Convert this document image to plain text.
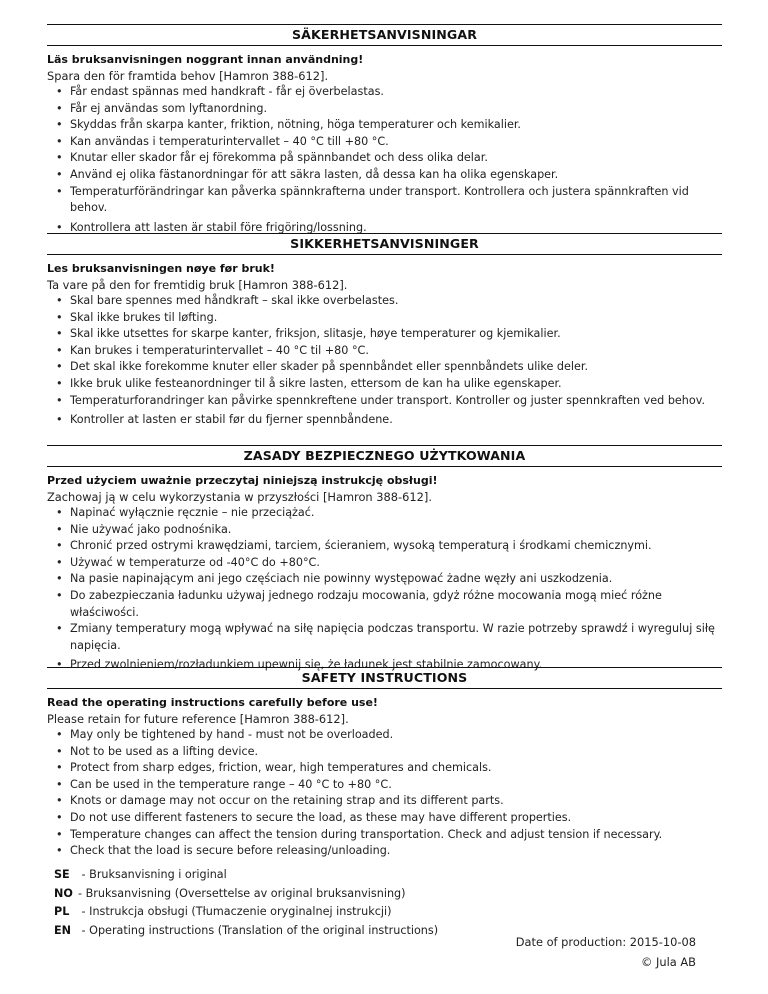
SÄKERHETSANVISNINGAR
Läs bruksanvisningen noggrant innan användning!
Spara den för framtida behov [Hamron 388-612].
• Får endast spännas med handkraft - får ej överbelastas.
• Får ej användas som lyftanordning.
• Skyddas från skarpa kanter, friktion, nötning, höga temperaturer och kemikalier.
• Kan användas i temperaturintervallet – 40 °C till +80 °C.
• Knutar eller skador får ej förekomma på spännbandet och dess olika delar.
• Använd ej olika fästanordningar för att säkra lasten, då dessa kan ha olika egenskaper.
• Temperaturförändringar kan påverka spännkrafterna under transport. Kontrollera och justera spännkraften vid behov.
• Kontrollera att lasten är stabil före frigöring/lossning.
SIKKERHETSANVISNINGER
Les bruksanvisningen nøye før bruk!
Ta vare på den for fremtidig bruk [Hamron 388-612].
• Skal bare spennes med håndkraft – skal ikke overbelastes.
• Skal ikke brukes til løfting.
• Skal ikke utsettes for skarpe kanter, friksjon, slitasje, høye temperaturer og kjemikalier.
• Kan brukes i temperaturintervallet – 40 °C til +80 °C.
• Det skal ikke forekomme knuter eller skader på spennbåndet eller spennbåndets ulike deler.
• Ikke bruk ulike festeanordninger til å sikre lasten, ettersom de kan ha ulike egenskaper.
• Temperaturforandringer kan påvirke spennkreftene under transport. Kontroller og juster spennkraften ved behov.
• Kontroller at lasten er stabil før du fjerner spennbåndene.
ZASADY BEZPIECZNEGO UŻYTKOWANIA
Przed użyciem uważnie przeczytaj niniejszą instrukcję obsługi!
Zachowaj ją w celu wykorzystania w przyszłości [Hamron 388-612].
• Napinać wyłącznie ręcznie – nie przeciążać.
• Nie używać jako podnośnika.
• Chronić przed ostrymi krawędziami, tarciem, ścieraniem, wysoką temperaturą i środkami chemicznymi.
• Używać w temperaturze od -40°C do +80°C.
• Na pasie napinającym ani jego częściach nie powinny występować żadne węzły ani uszkodzenia.
• Do zabezpieczania ładunku używaj jednego rodzaju mocowania, gdyż różne mocowania mogą mieć różne właściwości.
• Zmiany temperatury mogą wpływać na siłę napięcia podczas transportu. W razie potrzeby sprawdź i wyreguluj siłę napięcia.
• Przed zwolnieniem/rozładunkiem upewnij się, że ładunek jest stabilnie zamocowany.
SAFETY INSTRUCTIONS
Read the operating instructions carefully before use!
Please retain for future reference [Hamron 388-612].
• May only be tightened by hand - must not be overloaded.
• Not to be used as a lifting device.
• Protect from sharp edges, friction, wear, high temperatures and chemicals.
• Can be used in the temperature range – 40 °C to +80 °C.
• Knots or damage may not occur on the retaining strap and its different parts.
• Do not use different fasteners to secure the load, as these may have different properties.
• Temperature changes can affect the tension during transportation. Check and adjust tension if necessary.
• Check that the load is secure before releasing/unloading.
SE - Bruksanvisning i original
NO - Bruksanvisning (Oversettelse av original bruksanvisning)
PL - Instrukcja obsługi (Tłumaczenie oryginalnej instrukcji)
EN - Operating instructions (Translation of the original instructions)
Date of production: 2015-10-08
© Jula AB
